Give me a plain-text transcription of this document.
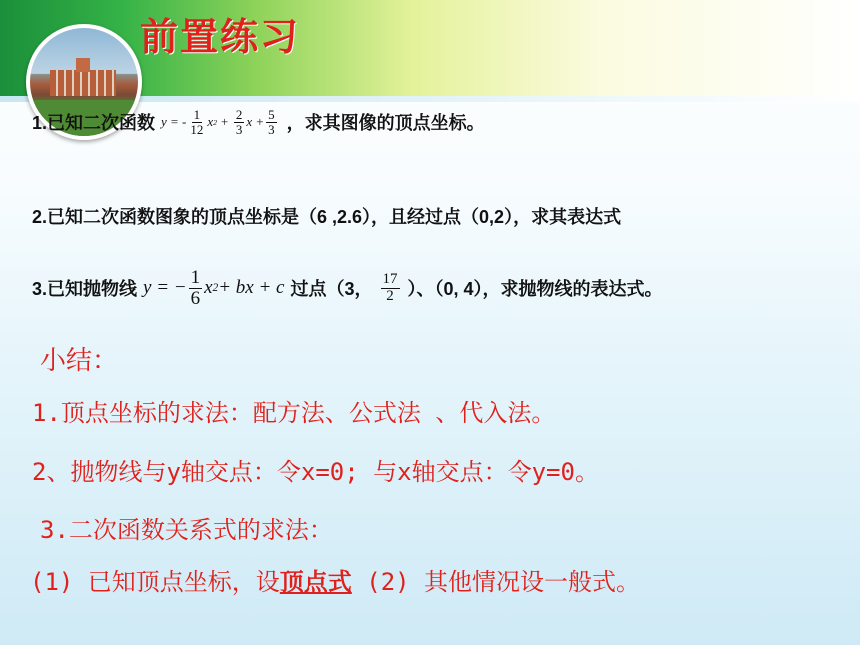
前置练习
1.已知二次函数 y = - $\frac{1}{12}$ x $2 + \frac{2}{3}$ $x + \frac{5}{3}$ ，求其图像的顶点坐标。
2.已知二次函数图象的顶点坐标是（6 ,2.6），且经过点（0,2），求其表达式
3.已知抛物线 y = − $\frac{1}{6}$ x 2 + bx + c 过点（3， $\frac{17}{2}$ ）、（0, 4），求抛物线的表达式。
小结：
1.顶点坐标的求法：配方法、公式法 、代入法。
2、抛物线与y轴交点：令x=0; 与x轴交点：令y=0。
3.二次函数关系式的求法：
(1) 已知顶点坐标，设顶点式 (2) 其他情况设一般式。
